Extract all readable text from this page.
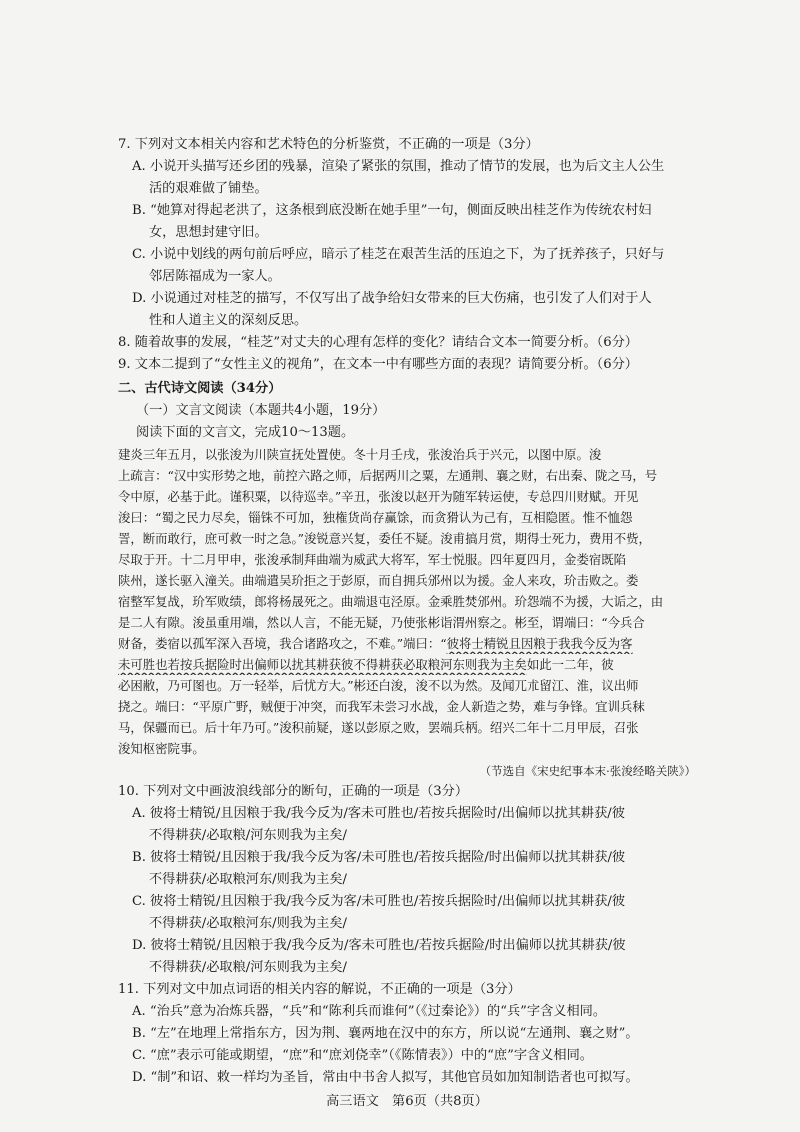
7. 下列对文本相关内容和艺术特色的分析鉴赏，不正确的一项是（3分）
A. 小说开头描写还乡团的残暴，渲染了紧张的氛围，推动了情节的发展，也为后文主人公生
活的艰难做了铺垫。
B. “她算对得起老洪了，这条根到底没断在她手里”一句，侧面反映出桂芝作为传统农村妇
女，思想封建守旧。
C. 小说中划线的两句前后呼应，暗示了桂芝在艰苦生活的压迫之下，为了抚养孩子，只好与
邻居陈福成为一家人。
D. 小说通过对桂芝的描写，不仅写出了战争给妇女带来的巨大伤痛，也引发了人们对于人
性和人道主义的深刻反思。
8. 随着故事的发展，“桂芝”对丈夫的心理有怎样的变化？请结合文本一简要分析。（6分）
9. 文本二提到了“女性主义的视角”，在文本一中有哪些方面的表现？请简要分析。（6分）
二、古代诗文阅读（34分）
（一）文言文阅读（本题共4小题，19分）
阅读下面的文言文，完成10～13题。
建炎三年五月，以张浚为川陕宣抚处置使。冬十月壬戌，张浚治兵于兴元，以图中原。浚
上疏言：“汉中实形势之地，前控六路之师，后据两川之粟，左通荆、襄之财，右出秦、陇之马，号
令中原，必基于此。谨积粟，以待巡幸。”辛丑，张浚以赵开为随军转运使，专总四川财赋。开见
浚曰：“蜀之民力尽矣，锱铢不可加，独権货尚存赢馀，而贪猾认为己有，互相隐匿。惟不恤怨
詈，断而敢行，庶可救一时之急。”浚锐意兴复，委任不疑。浚甫搞月赏，期得士死力，费用不赀，
尽取于开。十二月甲申，张浚承制拜曲端为威武大将军，军士悦服。四年夏四月，金娄宿既陷
陕州，遂长驱入潼关。曲端遣吴玠拒之于彭原，而自拥兵邠州以为援。金人来攻，玠击败之。娄
宿整军复战，玠军败绩，郎将杨晟死之。曲端退屯泾原。金乘胜焚邠州。玠怨端不为援，大诟之，由
是二人有隙。浚虽重用端，然以人言，不能无疑，乃使张彬诣渭州察之。彬至，谓端曰：“今兵合
财备，娄宿以孤军深入吾境，我合诸路攻之，不难。”端曰：“彼将士精锐且因粮于我我今反为客
未可胜也若按兵据险时出偏师以扰其耕获彼不得耕获必取粮河东则我为主矣如此一二年，彼
必困敝，乃可图也。万一轻举，后忧方大。”彬还白浚，浚不以为然。及闻兀朮留江、淮，议出师
挠之。端曰：“平原广野，贼便于冲突，而我军未尝习水战，金人新造之势，难与争锋。宜训兵秣
马，保疆而已。后十年乃可。”浚积前疑，遂以彭原之败，罢端兵柄。绍兴二年十二月甲辰，召张
浚知枢密院事。
（节选自《宋史纪事本末·张浚经略关陕》）
10. 下列对文中画波浪线部分的断句，正确的一项是（3分）
A. 彼将士精锐/且因粮于我/我今反为/客未可胜也/若按兵据险时/出偏师以扰其耕获/彼
不得耕获/必取粮/河东则我为主矣/
B. 彼将士精锐/且因粮于我/我今反为客/未可胜也/若按兵据险/时出偏师以扰其耕获/彼
不得耕获/必取粮河东/则我为主矣/
C. 彼将士精锐/且因粮于我/我今反为客/未可胜也/若按兵据险时/出偏师以扰其耕获/彼
不得耕获/必取粮河东/则我为主矣/
D. 彼将士精锐/且因粮于我/我今反为/客未可胜也/若按兵据险/时出偏师以扰其耕获/彼
不得耕获/必取粮/河东则我为主矣/
11. 下列对文中加点词语的相关内容的解说，不正确的一项是（3分）
A. “治兵”意为冶炼兵器，“兵”和“陈利兵而谁何”（《过秦论》）的“兵”字含义相同。
B. “左”在地理上常指东方，因为荆、襄两地在汉中的东方，所以说“左通荆、襄之财”。
C. “庶”表示可能或期望，“庶”和“庶刘侥幸”（《陈情表》）中的“庶”字含义相同。
D. “制”和诏、敕一样均为圣旨，常由中书舍人拟写，其他官员如加知制诰者也可拟写。
高三语文　第6页（共8页）
